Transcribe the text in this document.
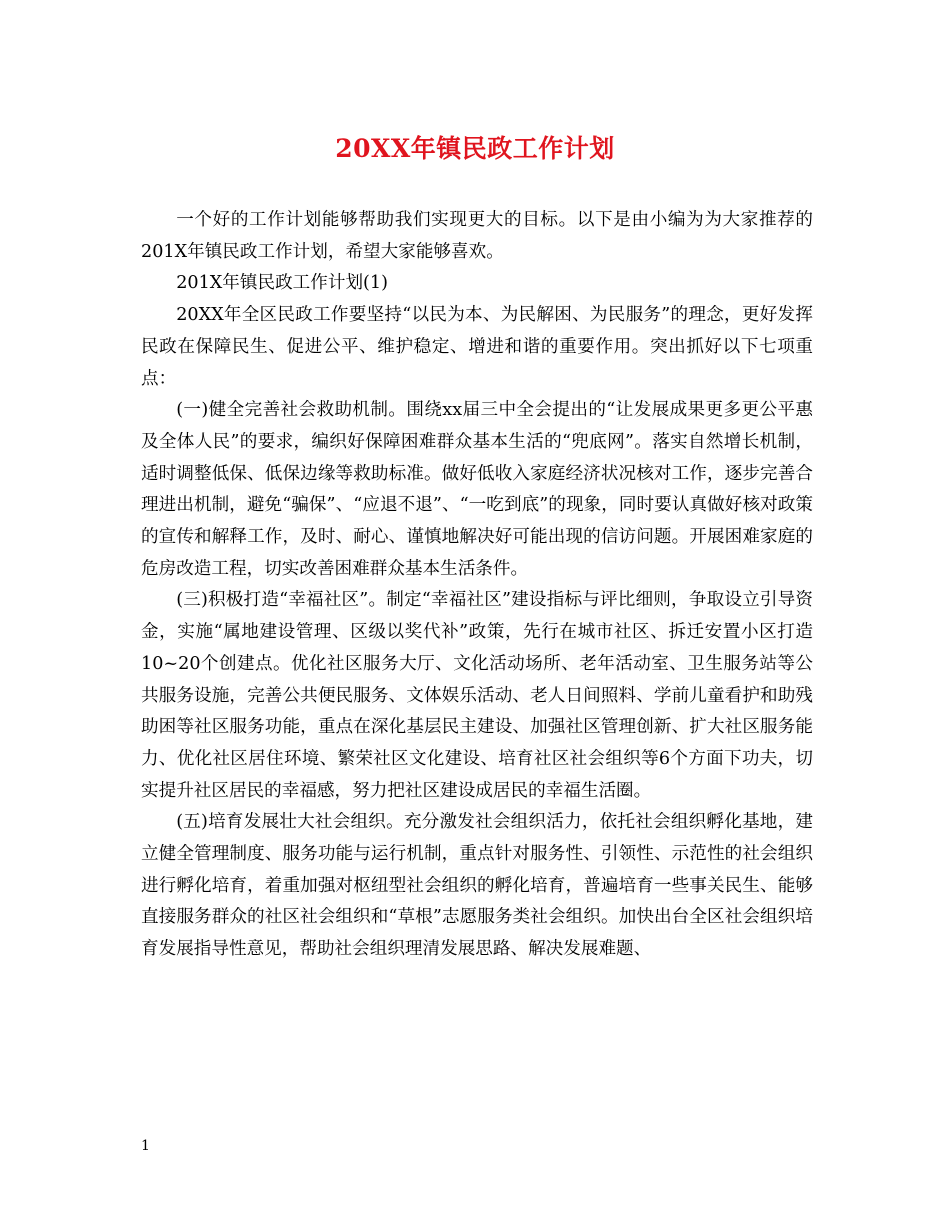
20XX年镇民政工作计划

一个好的工作计划能够帮助我们实现更大的目标。以下是由小编为为大家推荐的201X年镇民政工作计划，希望大家能够喜欢。

201X年镇民政工作计划(1)

20XX年全区民政工作要坚持“以民为本、为民解困、为民服务”的理念，更好发挥民政在保障民生、促进公平、维护稳定、增进和谐的重要作用。突出抓好以下七项重点：

(一)健全完善社会救助机制。围绕xx届三中全会提出的“让发展成果更多更公平惠及全体人民”的要求，编织好保障困难群众基本生活的“兜底网”。落实自然增长机制，适时调整低保、低保边缘等救助标准。做好低收入家庭经济状况核对工作，逐步完善合理进出机制，避免“骗保”、“应退不退”、“一吃到底”的现象，同时要认真做好核对政策的宣传和解释工作，及时、耐心、谨慎地解决好可能出现的信访问题。开展困难家庭的危房改造工程，切实改善困难群众基本生活条件。

(三)积极打造“幸福社区”。制定“幸福社区”建设指标与评比细则，争取设立引导资金，实施“属地建设管理、区级以奖代补”政策，先行在城市社区、拆迁安置小区打造10~20个创建点。优化社区服务大厅、文化活动场所、老年活动室、卫生服务站等公共服务设施，完善公共便民服务、文体娱乐活动、老人日间照料、学前儿童看护和助残助困等社区服务功能，重点在深化基层民主建设、加强社区管理创新、扩大社区服务能力、优化社区居住环境、繁荣社区文化建设、培育社区社会组织等6个方面下功夫，切实提升社区居民的幸福感，努力把社区建设成居民的幸福生活圈。

(五)培育发展壮大社会组织。充分激发社会组织活力，依托社会组织孵化基地，建立健全管理制度、服务功能与运行机制，重点针对服务性、引领性、示范性的社会组织进行孵化培育，着重加强对枢纽型社会组织的孵化培育，普遍培育一些事关民生、能够直接服务群众的社区社会组织和“草根”志愿服务类社会组织。加快出台全区社会组织培育发展指导性意见，帮助社会组织理清发展思路、解决发展难题、

1
